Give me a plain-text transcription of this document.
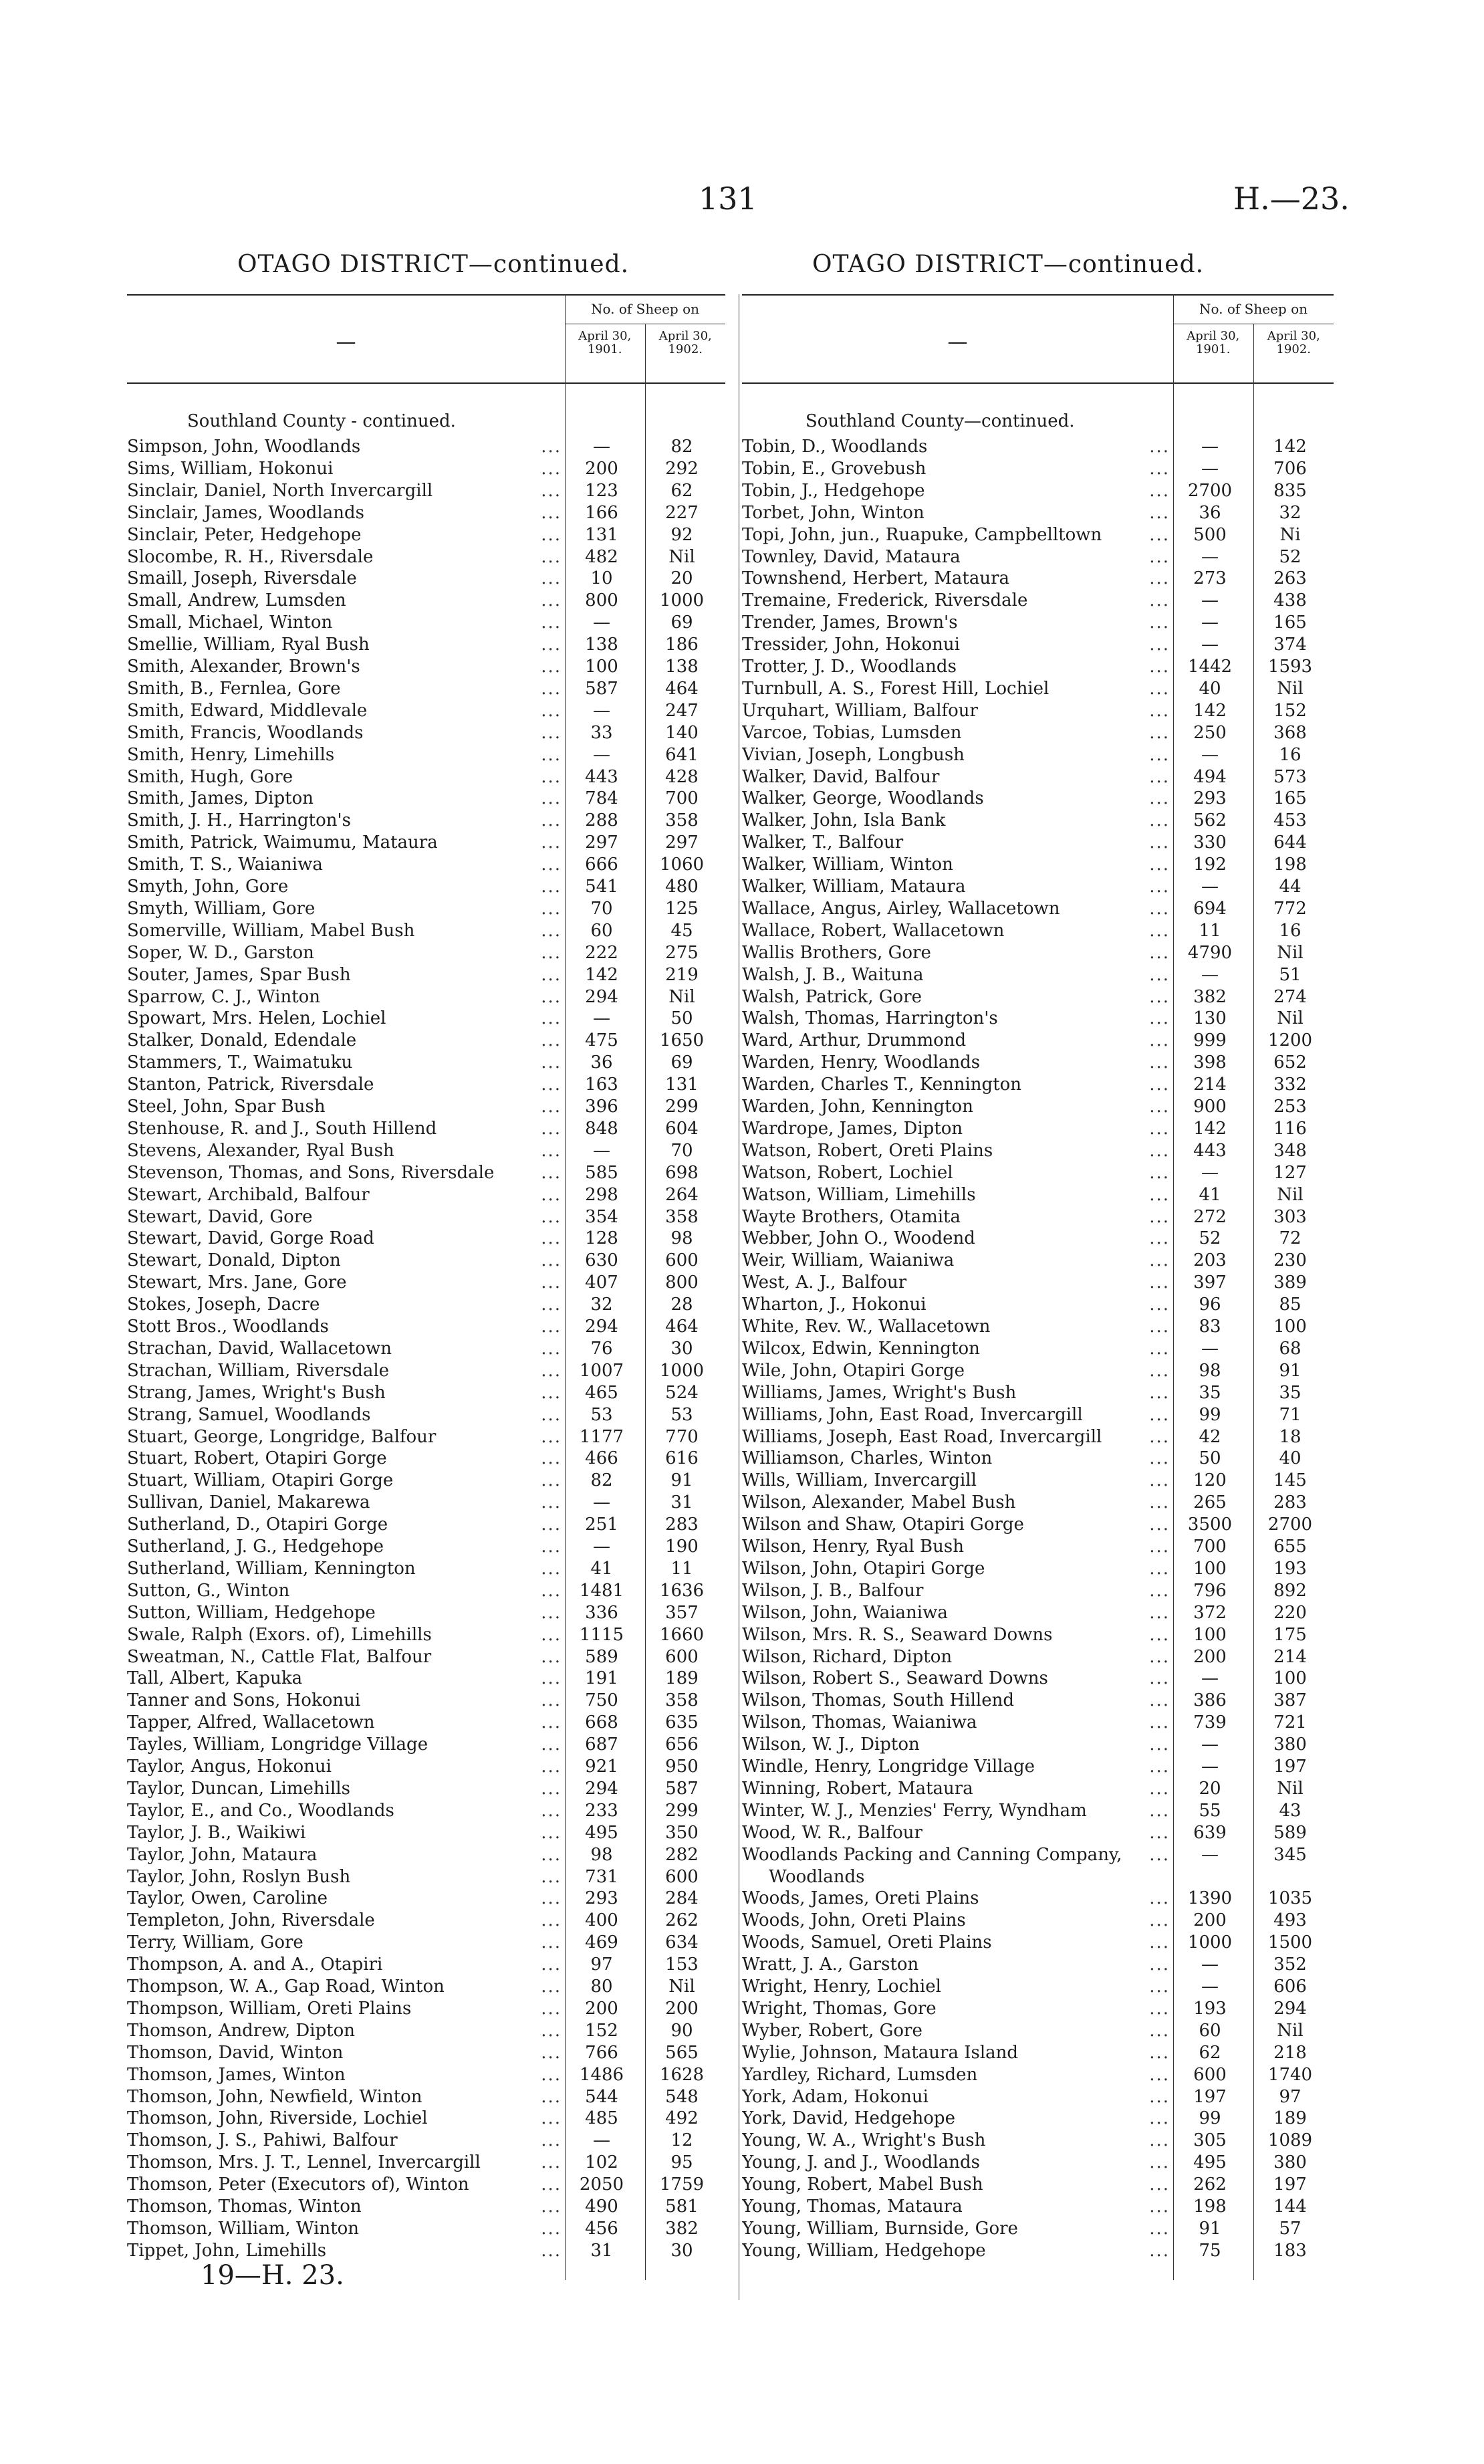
131	H.—23.
OTAGO DISTRICT—continued.	OTAGO DISTRICT—continued.
—
No. of Sheep on
April 30, 1901.
April 30, 1902.
Southland County - continued.
Simpson, John, Woodlands	...	—	82
Sims, William, Hokonui	...	200	292
Sinclair, Daniel, North Invercargill	...	123	62
Sinclair, James, Woodlands	...	166	227
Sinclair, Peter, Hedgehope	...	131	92
Slocombe, R. H., Riversdale	...	482	Nil
Smaill, Joseph, Riversdale	...	10	20
Small, Andrew, Lumsden	...	800	1000
Small, Michael, Winton	...	—	69
Smellie, William, Ryal Bush	...	138	186
Smith, Alexander, Brown's	...	100	138
Smith, B., Fernlea, Gore	...	587	464
Smith, Edward, Middlevale	...	—	247
Smith, Francis, Woodlands	...	33	140
Smith, Henry, Limehills	...	—	641
Smith, Hugh, Gore	...	443	428
Smith, James, Dipton	...	784	700
Smith, J. H., Harrington's	...	288	358
Smith, Patrick, Waimumu, Mataura	...	297	297
Smith, T. S., Waianiwa	...	666	1060
Smyth, John, Gore	...	541	480
Smyth, William, Gore	...	70	125
Somerville, William, Mabel Bush	...	60	45
Soper, W. D., Garston	...	222	275
Souter, James, Spar Bush	...	142	219
Sparrow, C. J., Winton	...	294	Nil
Spowart, Mrs. Helen, Lochiel	...	—	50
Stalker, Donald, Edendale	...	475	1650
Stammers, T., Waimatuku	...	36	69
Stanton, Patrick, Riversdale	...	163	131
Steel, John, Spar Bush	...	396	299
Stenhouse, R. and J., South Hillend	...	848	604
Stevens, Alexander, Ryal Bush	...	—	70
Stevenson, Thomas, and Sons, Riversdale	...	585	698
Stewart, Archibald, Balfour	...	298	264
Stewart, David, Gore	...	354	358
Stewart, David, Gorge Road	...	128	98
Stewart, Donald, Dipton	...	630	600
Stewart, Mrs. Jane, Gore	...	407	800
Stokes, Joseph, Dacre	...	32	28
Stott Bros., Woodlands	...	294	464
Strachan, David, Wallacetown	...	76	30
Strachan, William, Riversdale	...	1007	1000
Strang, James, Wright's Bush	...	465	524
Strang, Samuel, Woodlands	...	53	53
Stuart, George, Longridge, Balfour	...	1177	770
Stuart, Robert, Otapiri Gorge	...	466	616
Stuart, William, Otapiri Gorge	...	82	91
Sullivan, Daniel, Makarewa	...	—	31
Sutherland, D., Otapiri Gorge	...	251	283
Sutherland, J. G., Hedgehope	...	—	190
Sutherland, William, Kennington	...	41	11
Sutton, G., Winton	...	1481	1636
Sutton, William, Hedgehope	...	336	357
Swale, Ralph (Exors. of), Limehills	...	1115	1660
Sweatman, N., Cattle Flat, Balfour	...	589	600
Tall, Albert, Kapuka	...	191	189
Tanner and Sons, Hokonui	...	750	358
Tapper, Alfred, Wallacetown	...	668	635
Tayles, William, Longridge Village	...	687	656
Taylor, Angus, Hokonui	...	921	950
Taylor, Duncan, Limehills	...	294	587
Taylor, E., and Co., Woodlands	...	233	299
Taylor, J. B., Waikiwi	...	495	350
Taylor, John, Mataura	...	98	282
Taylor, John, Roslyn Bush	...	731	600
Taylor, Owen, Caroline	...	293	284
Templeton, John, Riversdale	...	400	262
Terry, William, Gore	...	469	634
Thompson, A. and A., Otapiri	...	97	153
Thompson, W. A., Gap Road, Winton	...	80	Nil
Thompson, William, Oreti Plains	...	200	200
Thomson, Andrew, Dipton	...	152	90
Thomson, David, Winton	...	766	565
Thomson, James, Winton	...	1486	1628
Thomson, John, Newfield, Winton	...	544	548
Thomson, John, Riverside, Lochiel	...	485	492
Thomson, J. S., Pahiwi, Balfour	...	—	12
Thomson, Mrs. J. T., Lennel, Invercargill	...	102	95
Thomson, Peter (Executors of), Winton	...	2050	1759
Thomson, Thomas, Winton	...	490	581
Thomson, William, Winton	...	456	382
Tippet, John, Limehills	...	31	30
—
No. of Sheep on
April 30, 1901.
April 30, 1902.
Southland County—continued.
Tobin, D., Woodlands	...	—	142
Tobin, E., Grovebush	...	—	706
Tobin, J., Hedgehope	...	2700	835
Torbet, John, Winton	...	36	32
Topi, John, jun., Ruapuke, Campbelltown	...	500	Ni
Townley, David, Mataura	...	—	52
Townshend, Herbert, Mataura	...	273	263
Tremaine, Frederick, Riversdale	...	—	438
Trender, James, Brown's	...	—	165
Tressider, John, Hokonui	...	—	374
Trotter, J. D., Woodlands	...	1442	1593
Turnbull, A. S., Forest Hill, Lochiel	...	40	Nil
Urquhart, William, Balfour	...	142	152
Varcoe, Tobias, Lumsden	...	250	368
Vivian, Joseph, Longbush	...	—	16
Walker, David, Balfour	...	494	573
Walker, George, Woodlands	...	293	165
Walker, John, Isla Bank	...	562	453
Walker, T., Balfour	...	330	644
Walker, William, Winton	...	192	198
Walker, William, Mataura	...	—	44
Wallace, Angus, Airley, Wallacetown	...	694	772
Wallace, Robert, Wallacetown	...	11	16
Wallis Brothers, Gore	...	4790	Nil
Walsh, J. B., Waituna	...	—	51
Walsh, Patrick, Gore	...	382	274
Walsh, Thomas, Harrington's	...	130	Nil
Ward, Arthur, Drummond	...	999	1200
Warden, Henry, Woodlands	...	398	652
Warden, Charles T., Kennington	...	214	332
Warden, John, Kennington	...	900	253
Wardrope, James, Dipton	...	142	116
Watson, Robert, Oreti Plains	...	443	348
Watson, Robert, Lochiel	...	—	127
Watson, William, Limehills	...	41	Nil
Wayte Brothers, Otamita	...	272	303
Webber, John O., Woodend	...	52	72
Weir, William, Waianiwa	...	203	230
West, A. J., Balfour	...	397	389
Wharton, J., Hokonui	...	96	85
White, Rev. W., Wallacetown	...	83	100
Wilcox, Edwin, Kennington	...	—	68
Wile, John, Otapiri Gorge	...	98	91
Williams, James, Wright's Bush	...	35	35
Williams, John, East Road, Invercargill	...	99	71
Williams, Joseph, East Road, Invercargill	...	42	18
Williamson, Charles, Winton	...	50	40
Wills, William, Invercargill	...	120	145
Wilson, Alexander, Mabel Bush	...	265	283
Wilson and Shaw, Otapiri Gorge	...	3500	2700
Wilson, Henry, Ryal Bush	...	700	655
Wilson, John, Otapiri Gorge	...	100	193
Wilson, J. B., Balfour	...	796	892
Wilson, John, Waianiwa	...	372	220
Wilson, Mrs. R. S., Seaward Downs	...	100	175
Wilson, Richard, Dipton	...	200	214
Wilson, Robert S., Seaward Downs	...	—	100
Wilson, Thomas, South Hillend	...	386	387
Wilson, Thomas, Waianiwa	...	739	721
Wilson, W. J., Dipton	...	—	380
Windle, Henry, Longridge Village	...	—	197
Winning, Robert, Mataura	...	20	Nil
Winter, W. J., Menzies' Ferry, Wyndham	...	55	43
Wood, W. R., Balfour	...	639	589
Woodlands Packing and Canning Company,	...	—	345
Woodlands
Woods, James, Oreti Plains	...	1390	1035
Woods, John, Oreti Plains	...	200	493
Woods, Samuel, Oreti Plains	...	1000	1500
Wratt, J. A., Garston	...	—	352
Wright, Henry, Lochiel	...	—	606
Wright, Thomas, Gore	...	193	294
Wyber, Robert, Gore	...	60	Nil
Wylie, Johnson, Mataura Island	...	62	218
Yardley, Richard, Lumsden	...	600	1740
York, Adam, Hokonui	...	197	97
York, David, Hedgehope	...	99	189
Young, W. A., Wright's Bush	...	305	1089
Young, J. and J., Woodlands	...	495	380
Young, Robert, Mabel Bush	...	262	197
Young, Thomas, Mataura	...	198	144
Young, William, Burnside, Gore	...	91	57
Young, William, Hedgehope	...	75	183
19—H. 23.
